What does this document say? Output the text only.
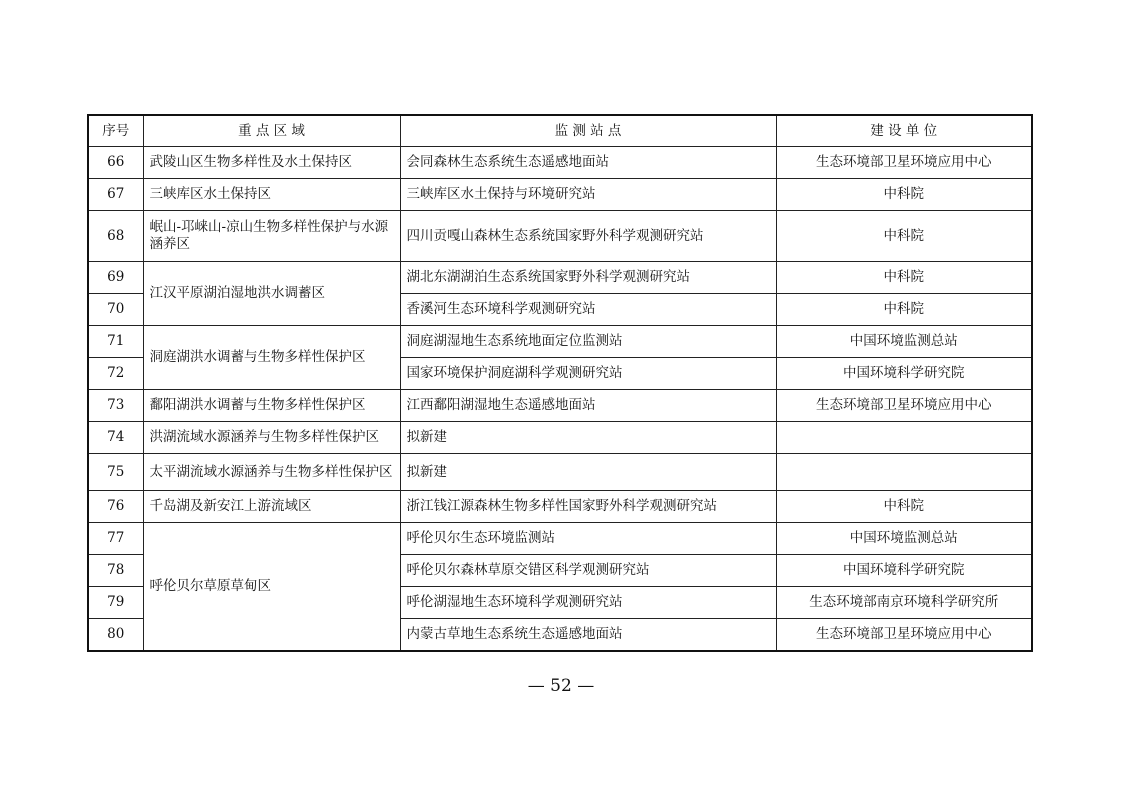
序号	重 点 区 域	监 测 站 点	建 设 单 位
66	武陵山区生物多样性及水土保持区	会同森林生态系统生态遥感地面站	生态环境部卫星环境应用中心
67	三峡库区水土保持区	三峡库区水土保持与环境研究站	中科院
68	岷山-邛崃山-凉山生物多样性保护与水源涵养区	四川贡嘎山森林生态系统国家野外科学观测研究站	中科院
69	江汉平原湖泊湿地洪水调蓄区	湖北东湖湖泊生态系统国家野外科学观测研究站	中科院
70		香溪河生态环境科学观测研究站	中科院
71	洞庭湖洪水调蓄与生物多样性保护区	洞庭湖湿地生态系统地面定位监测站	中国环境监测总站
72		国家环境保护洞庭湖科学观测研究站	中国环境科学研究院
73	鄱阳湖洪水调蓄与生物多样性保护区	江西鄱阳湖湿地生态遥感地面站	生态环境部卫星环境应用中心
74	洪湖流域水源涵养与生物多样性保护区	拟新建	
75	太平湖流域水源涵养与生物多样性保护区	拟新建	
76	千岛湖及新安江上游流域区	浙江钱江源森林生物多样性国家野外科学观测研究站	中科院
77	呼伦贝尔草原草甸区	呼伦贝尔生态环境监测站	中国环境监测总站
78		呼伦贝尔森林草原交错区科学观测研究站	中国环境科学研究院
79		呼伦湖湿地生态环境科学观测研究站	生态环境部南京环境科学研究所
80		内蒙古草地生态系统生态遥感地面站	生态环境部卫星环境应用中心
— 52 —
